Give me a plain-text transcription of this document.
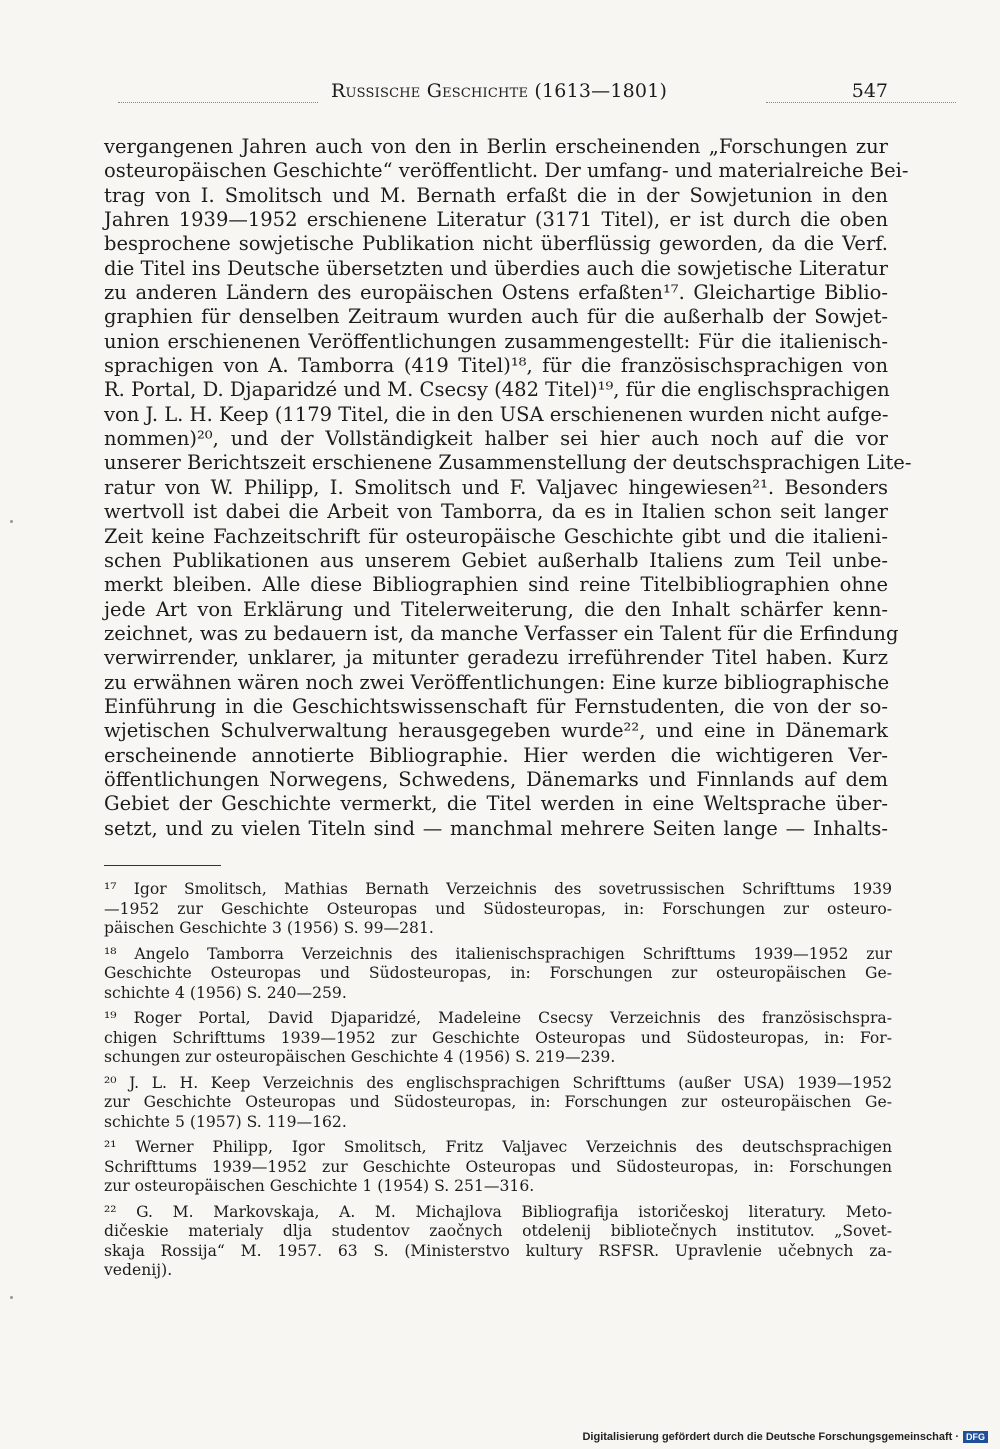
Russische Geschichte (1613—1801)	547
vergangenen Jahren auch von den in Berlin erscheinenden „Forschungen zur
osteuropäischen Geschichte“ veröffentlicht. Der umfang- und materialreiche Bei-
trag von I. Smolitsch und M. Bernath erfaßt die in der Sowjetunion in den
Jahren 1939—1952 erschienene Literatur (3171 Titel), er ist durch die oben
besprochene sowjetische Publikation nicht überflüssig geworden, da die Verf.
die Titel ins Deutsche übersetzten und überdies auch die sowjetische Literatur
zu anderen Ländern des europäischen Ostens erfaßten¹⁷. Gleichartige Biblio-
graphien für denselben Zeitraum wurden auch für die außerhalb der Sowjet-
union erschienenen Veröffentlichungen zusammengestellt: Für die italienisch-
sprachigen von A. Tamborra (419 Titel)¹⁸, für die französischsprachigen von
R. Portal, D. Djaparidzé und M. Csecsy (482 Titel)¹⁹, für die englischsprachigen
von J. L. H. Keep (1179 Titel, die in den USA erschienenen wurden nicht aufge-
nommen)²⁰, und der Vollständigkeit halber sei hier auch noch auf die vor
unserer Berichtszeit erschienene Zusammenstellung der deutschsprachigen Lite-
ratur von W. Philipp, I. Smolitsch und F. Valjavec hingewiesen²¹. Besonders
wertvoll ist dabei die Arbeit von Tamborra, da es in Italien schon seit langer
Zeit keine Fachzeitschrift für osteuropäische Geschichte gibt und die italieni-
schen Publikationen aus unserem Gebiet außerhalb Italiens zum Teil unbe-
merkt bleiben. Alle diese Bibliographien sind reine Titelbibliographien ohne
jede Art von Erklärung und Titelerweiterung, die den Inhalt schärfer kenn-
zeichnet, was zu bedauern ist, da manche Verfasser ein Talent für die Erfindung
verwirrender, unklarer, ja mitunter geradezu irreführender Titel haben. Kurz
zu erwähnen wären noch zwei Veröffentlichungen: Eine kurze bibliographische
Einführung in die Geschichtswissenschaft für Fernstudenten, die von der so-
wjetischen Schulverwaltung herausgegeben wurde²², und eine in Dänemark
erscheinende annotierte Bibliographie. Hier werden die wichtigeren Ver-
öffentlichungen Norwegens, Schwedens, Dänemarks und Finnlands auf dem
Gebiet der Geschichte vermerkt, die Titel werden in eine Weltsprache über-
setzt, und zu vielen Titeln sind — manchmal mehrere Seiten lange — Inhalts-
¹⁷ Igor Smolitsch, Mathias Bernath Verzeichnis des sovetrussischen Schrifttums 1939
—1952 zur Geschichte Osteuropas und Südosteuropas, in: Forschungen zur osteuro-
päischen Geschichte 3 (1956) S. 99—281.
¹⁸ Angelo Tamborra Verzeichnis des italienischsprachigen Schrifttums 1939—1952 zur
Geschichte Osteuropas und Südosteuropas, in: Forschungen zur osteuropäischen Ge-
schichte 4 (1956) S. 240—259.
¹⁹ Roger Portal, David Djaparidzé, Madeleine Csecsy Verzeichnis des französischspra-
chigen Schrifttums 1939—1952 zur Geschichte Osteuropas und Südosteuropas, in: For-
schungen zur osteuropäischen Geschichte 4 (1956) S. 219—239.
²⁰ J. L. H. Keep Verzeichnis des englischsprachigen Schrifttums (außer USA) 1939—1952
zur Geschichte Osteuropas und Südosteuropas, in: Forschungen zur osteuropäischen Ge-
schichte 5 (1957) S. 119—162.
²¹ Werner Philipp, Igor Smolitsch, Fritz Valjavec Verzeichnis des deutschsprachigen
Schrifttums 1939—1952 zur Geschichte Osteuropas und Südosteuropas, in: Forschungen
zur osteuropäischen Geschichte 1 (1954) S. 251—316.
²² G. M. Markovskaja, A. M. Michajlova Bibliografija istoričeskoj literatury. Meto-
dičeskie materialy dlja studentov zaočnych otdelenij bibliotečnych institutov. „Sovet-
skaja Rossija“ M. 1957. 63 S. (Ministerstvo kultury RSFSR. Upravlenie učebnych za-
vedenij).
Digitalisierung gefördert durch die Deutsche Forschungsgemeinschaft · DFG
